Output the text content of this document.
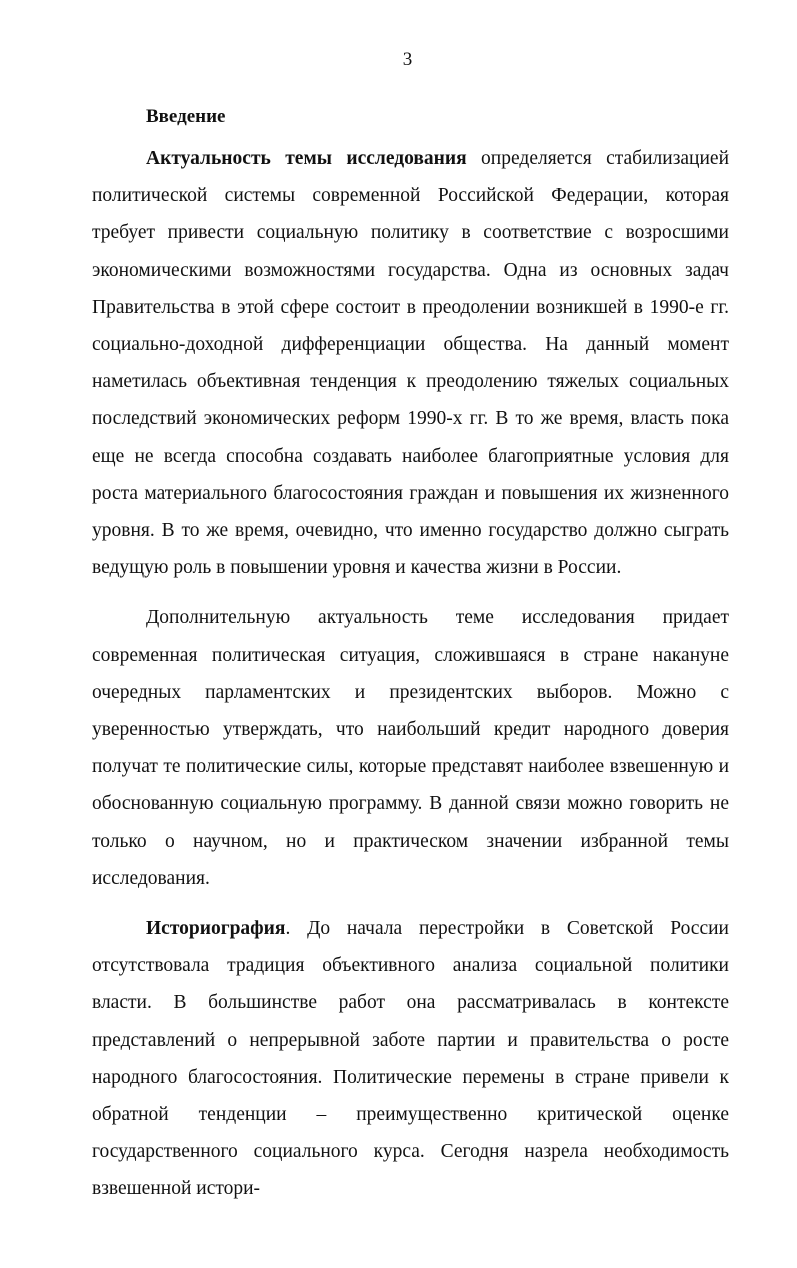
3
Введение

Актуальность темы исследования определяется стабилизацией политической системы современной Российской Федерации, которая требует привести социальную политику в соответствие с возросшими экономическими возможностями государства. Одна из основных задач Правительства в этой сфере состоит в преодолении возникшей в 1990-е гг. социально-доходной дифференциации общества. На данный момент наметилась объективная тенденция к преодолению тяжелых социальных последствий экономических реформ 1990-х гг. В то же время, власть пока еще не всегда способна создавать наиболее благоприятные условия для роста материального благосостояния граждан и повышения их жизненного уровня. В то же время, очевидно, что именно государство должно сыграть ведущую роль в повышении уровня и качества жизни в России.

Дополнительную актуальность теме исследования придает современная политическая ситуация, сложившаяся в стране накануне очередных парламентских и президентских выборов. Можно с уверенностью утверждать, что наибольший кредит народного доверия получат те политические силы, которые представят наиболее взвешенную и обоснованную социальную программу. В данной связи можно говорить не только о научном, но и практическом значении избранной темы исследования.

Историография. До начала перестройки в Советской России отсутствовала традиция объективного анализа социальной политики власти. В большинстве работ она рассматривалась в контексте представлений о непрерывной заботе партии и правительства о росте народного благосостояния. Политические перемены в стране привели к обратной тенденции – преимущественно критической оценке государственного социального курса. Сегодня назрела необходимость взвешенной истори-
